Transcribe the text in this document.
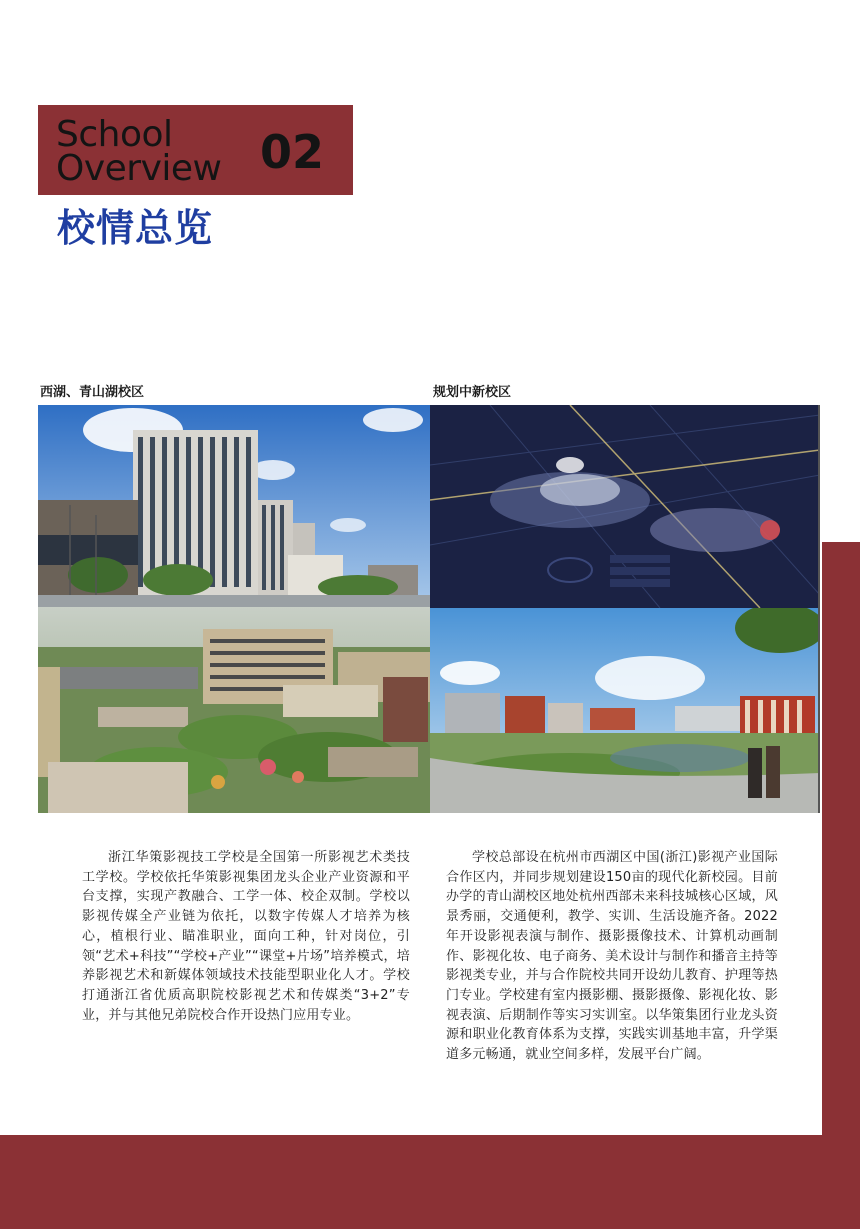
School
Overview 02
校情总览
西湖、青山湖校区	规划中新校区

浙江华策影视技工学校是全国第一所影视艺术类技工学校。学校依托华策影视集团龙头企业产业资源和平台支撑，实现产教融合、工学一体、校企双制。学校以影视传媒全产业链为依托，以数字传媒人才培养为核心，植根行业、瞄准职业，面向工种，针对岗位，引领“艺术+科技”“学校+产业”“课堂+片场”培养模式，培养影视艺术和新媒体领域技术技能型职业化人才。学校打通浙江省优质高职院校影视艺术和传媒类“3+2”专业，并与其他兄弟院校合作开设热门应用专业。

学校总部设在杭州市西湖区中国(浙江)影视产业国际合作区内，并同步规划建设150亩的现代化新校园。目前办学的青山湖校区地处杭州西部未来科技城核心区域，风景秀丽，交通便利，教学、实训、生活设施齐备。2022年开设影视表演与制作、摄影摄像技术、计算机动画制作、影视化妆、电子商务、美术设计与制作和播音主持等影视类专业，并与合作院校共同开设幼儿教育、护理等热门专业。学校建有室内摄影棚、摄影摄像、影视化妆、影视表演、后期制作等实习实训室。以华策集团行业龙头资源和职业化教育体系为支撑，实践实训基地丰富，升学渠道多元畅通，就业空间多样，发展平台广阔。
